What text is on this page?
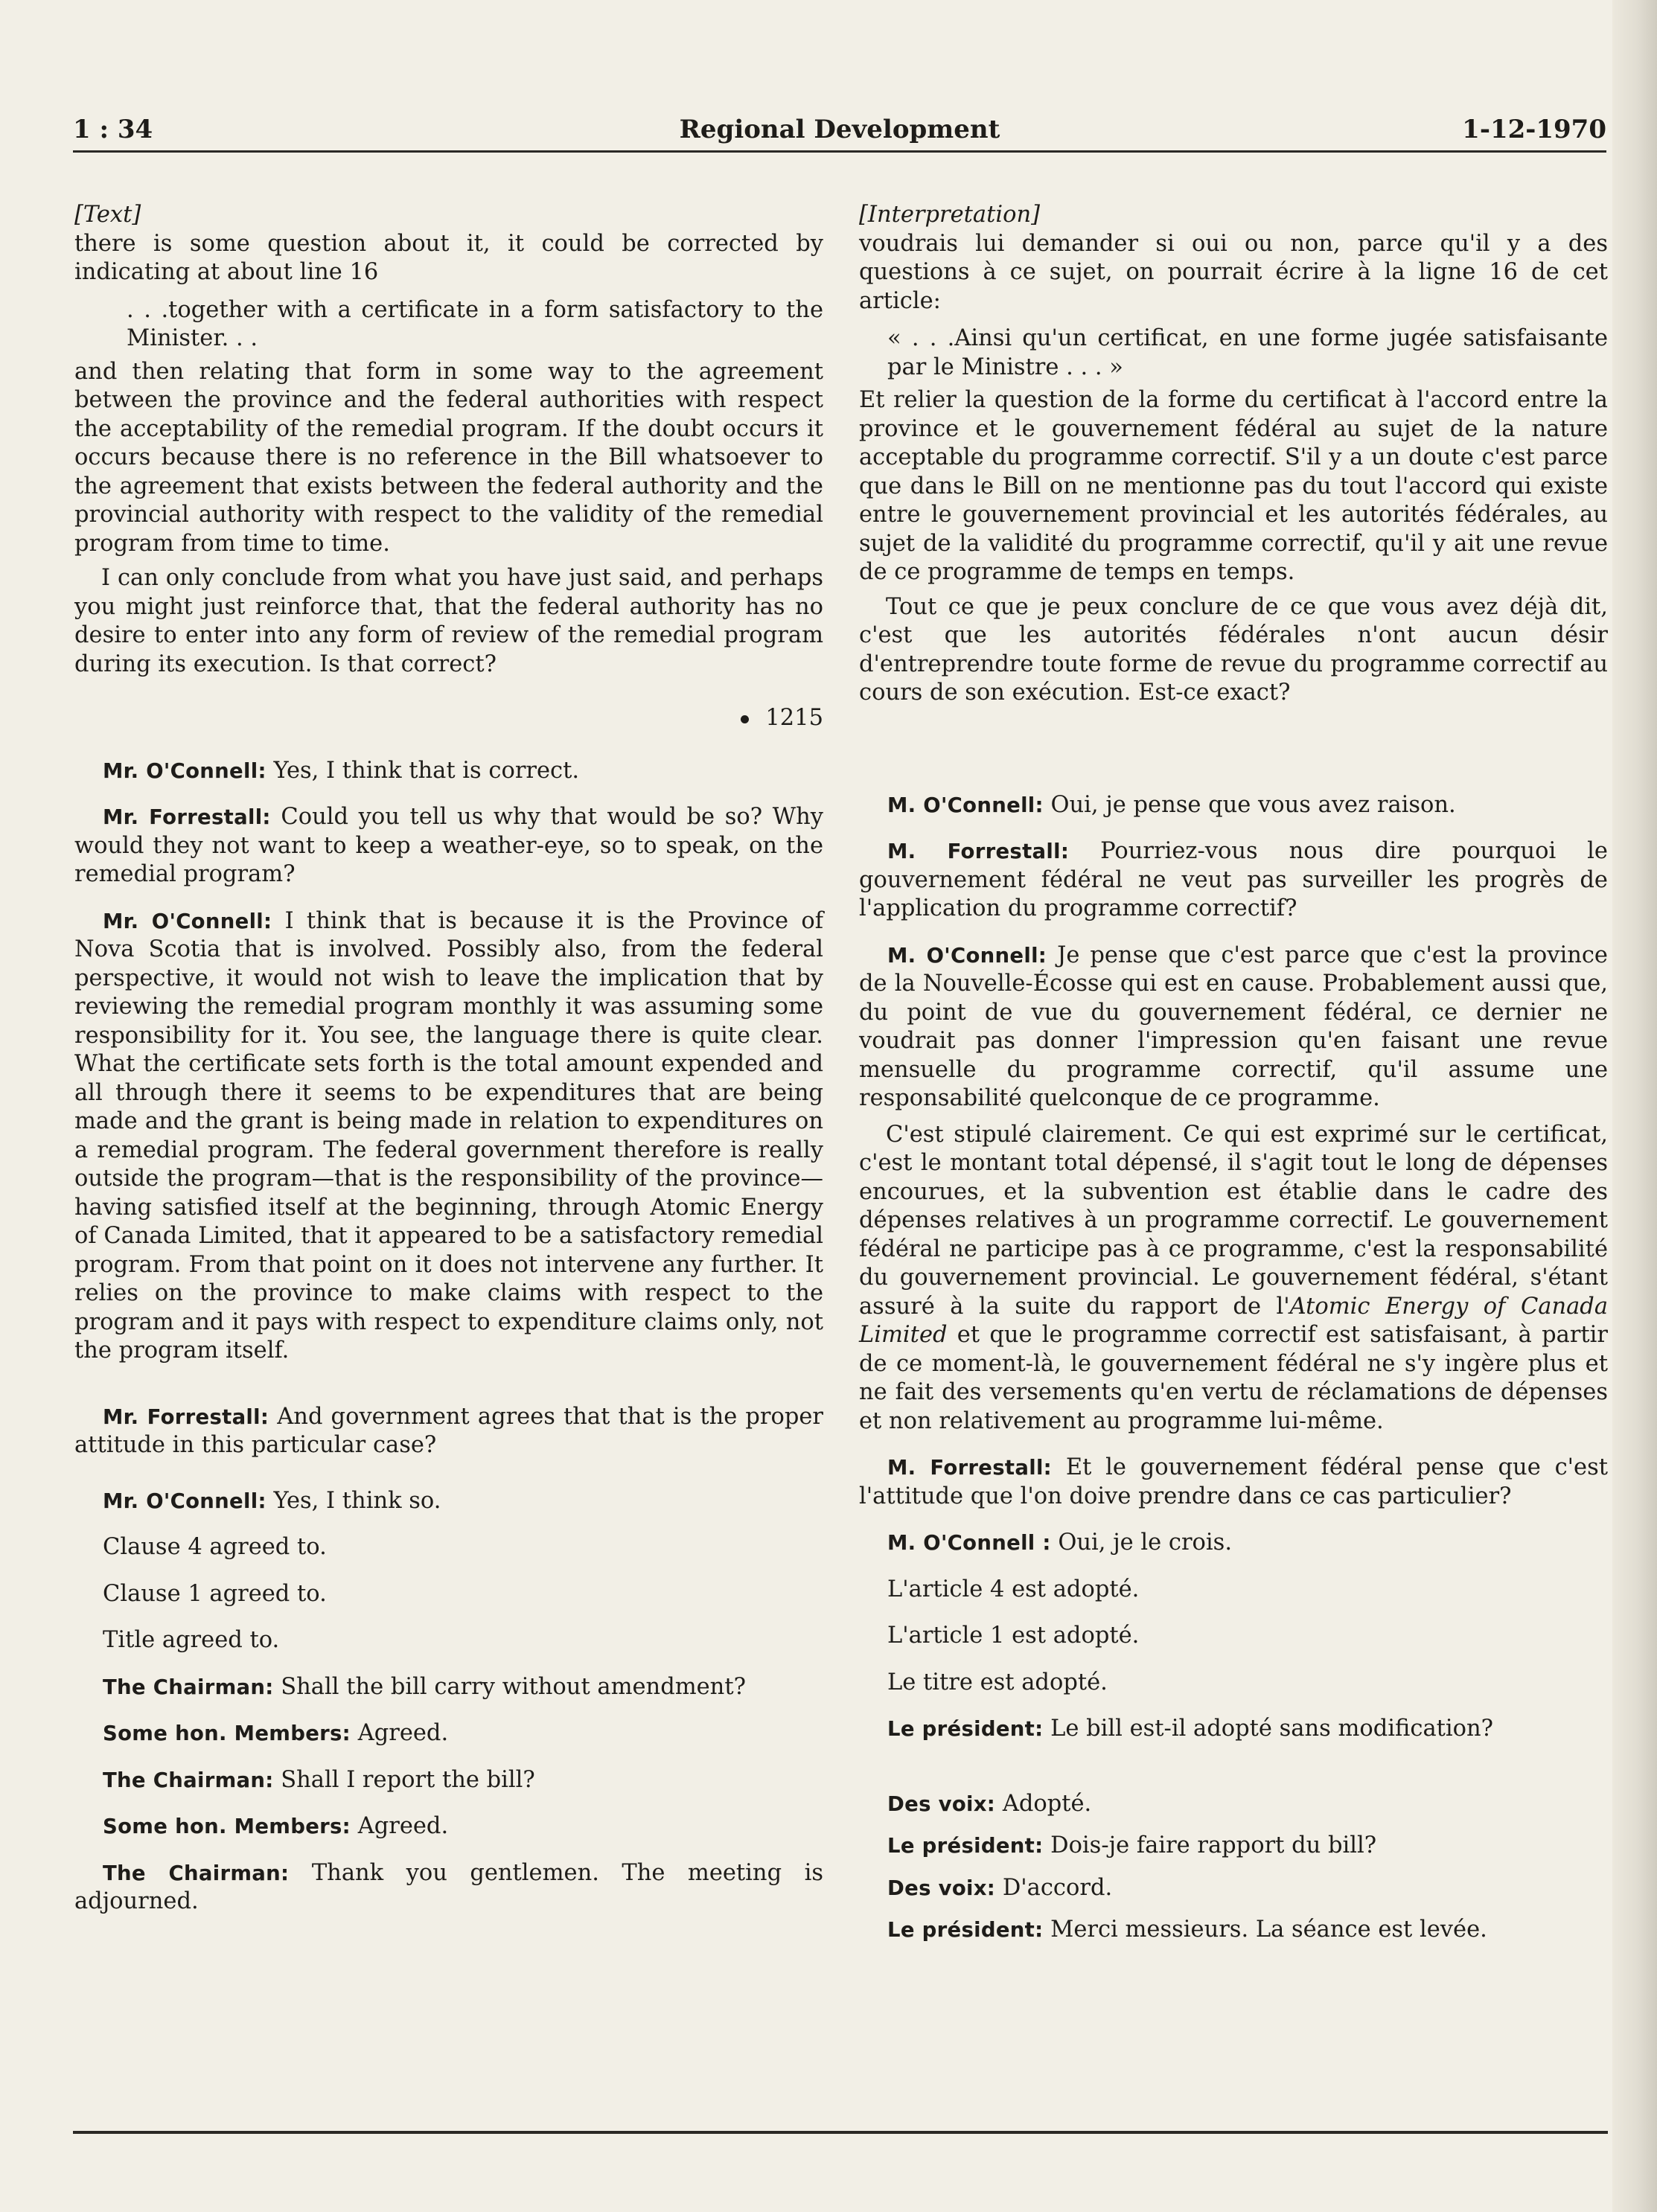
1 : 34	Regional Development	1-12-1970

[Text]

there is some question about it, it could be corrected by indicating at about line 16

. . .together with a certificate in a form satisfactory to the Minister. . .

and then relating that form in some way to the agreement between the province and the federal authorities with respect the acceptability of the remedial program. If the doubt occurs it occurs because there is no reference in the Bill whatsoever to the agreement that exists between the federal authority and the provincial authority with respect to the validity of the remedial program from time to time.

I can only conclude from what you have just said, and perhaps you might just reinforce that, that the federal authority has no desire to enter into any form of review of the remedial program during its execution. Is that correct?

1215

Mr. O'Connell: Yes, I think that is correct.

Mr. Forrestall: Could you tell us why that would be so? Why would they not want to keep a weather-eye, so to speak, on the remedial program?

Mr. O'Connell: I think that is because it is the Province of Nova Scotia that is involved. Possibly also, from the federal perspective, it would not wish to leave the implication that by reviewing the remedial program monthly it was assuming some responsibility for it. You see, the language there is quite clear. What the certificate sets forth is the total amount expended and all through there it seems to be expenditures that are being made and the grant is being made in relation to expenditures on a remedial program. The federal government therefore is really outside the program—that is the responsibility of the province—having satisfied itself at the beginning, through Atomic Energy of Canada Limited, that it appeared to be a satisfactory remedial program. From that point on it does not intervene any further. It relies on the province to make claims with respect to the program and it pays with respect to expenditure claims only, not the program itself.

Mr. Forrestall: And government agrees that that is the proper attitude in this particular case?

Mr. O'Connell: Yes, I think so.

Clause 4 agreed to.

Clause 1 agreed to.

Title agreed to.

The Chairman: Shall the bill carry without amendment?

Some hon. Members: Agreed.

The Chairman: Shall I report the bill?

Some hon. Members: Agreed.

The Chairman: Thank you gentlemen. The meeting is adjourned.

[Interpretation]

voudrais lui demander si oui ou non, parce qu'il y a des questions à ce sujet, on pourrait écrire à la ligne 16 de cet article:

« . . .Ainsi qu'un certificat, en une forme jugée satisfaisante par le Ministre . . . »

Et relier la question de la forme du certificat à l'accord entre la province et le gouvernement fédéral au sujet de la nature acceptable du programme correctif. S'il y a un doute c'est parce que dans le Bill on ne mentionne pas du tout l'accord qui existe entre le gouvernement provincial et les autorités fédérales, au sujet de la validité du programme correctif, qu'il y ait une revue de ce programme de temps en temps.

Tout ce que je peux conclure de ce que vous avez déjà dit, c'est que les autorités fédérales n'ont aucun désir d'entreprendre toute forme de revue du programme correctif au cours de son exécution. Est-ce exact?

M. O'Connell: Oui, je pense que vous avez raison.

M. Forrestall: Pourriez-vous nous dire pourquoi le gouvernement fédéral ne veut pas surveiller les progrès de l'application du programme correctif?

M. O'Connell: Je pense que c'est parce que c'est la province de la Nouvelle-Écosse qui est en cause. Probablement aussi que, du point de vue du gouvernement fédéral, ce dernier ne voudrait pas donner l'impression qu'en faisant une revue mensuelle du programme correctif, qu'il assume une responsabilité quelconque de ce programme.

C'est stipulé clairement. Ce qui est exprimé sur le certificat, c'est le montant total dépensé, il s'agit tout le long de dépenses encourues, et la subvention est établie dans le cadre des dépenses relatives à un programme correctif. Le gouvernement fédéral ne participe pas à ce programme, c'est la responsabilité du gouvernement provincial. Le gouvernement fédéral, s'étant assuré à la suite du rapport de l'Atomic Energy of Canada Limited et que le programme correctif est satisfaisant, à partir de ce moment-là, le gouvernement fédéral ne s'y ingère plus et ne fait des versements qu'en vertu de réclamations de dépenses et non relativement au programme lui-même.

M. Forrestall: Et le gouvernement fédéral pense que c'est l'attitude que l'on doive prendre dans ce cas particulier?

M. O'Connell : Oui, je le crois.

L'article 4 est adopté.

L'article 1 est adopté.

Le titre est adopté.

Le président: Le bill est-il adopté sans modification?

Des voix: Adopté.

Le président: Dois-je faire rapport du bill?

Des voix: D'accord.

Le président: Merci messieurs. La séance est levée.
